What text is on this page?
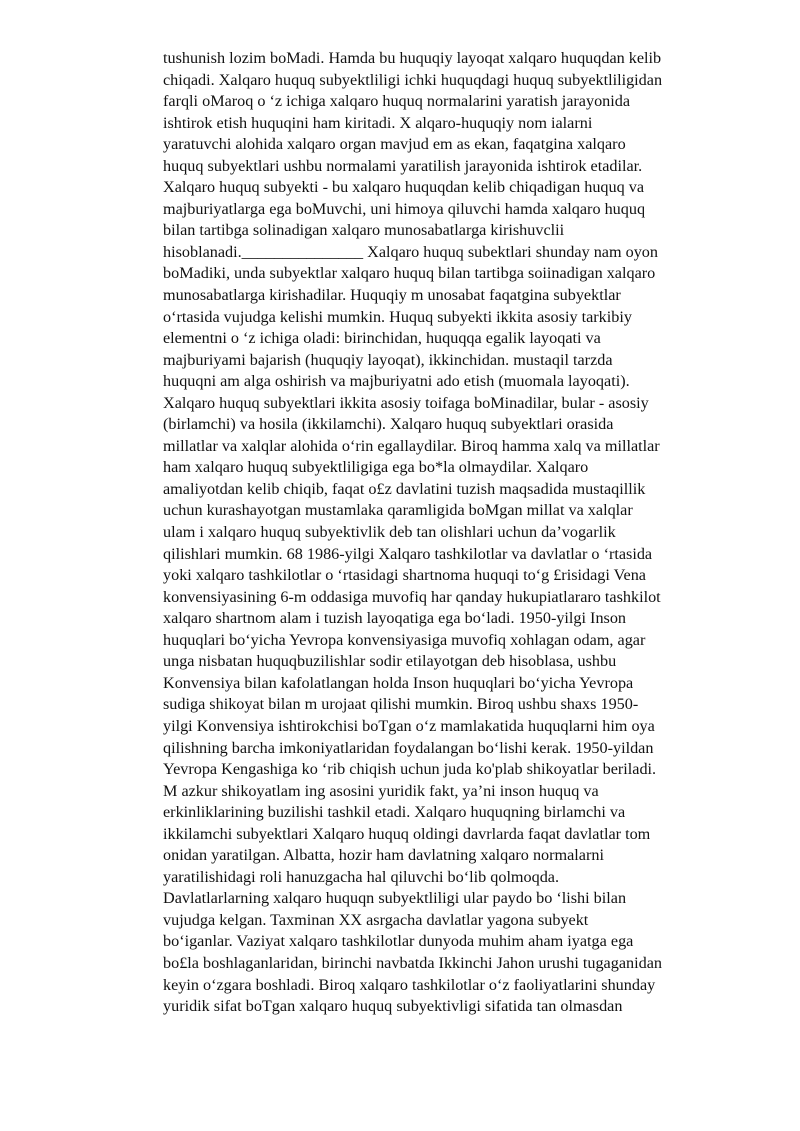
tushunish lozim boMadi. Hamda bu huquqiy layoqat xalqaro huquqdan kelib
chiqadi. Xalqaro huquq subyektliligi ichki huquqdagi huquq subyektliligidan
farqli oMaroq o ‘z ichiga xalqaro huquq normalarini yaratish jarayonida
ishtirok etish huquqini ham kiritadi. X alqaro-huquqiy nom ialarni
yaratuvchi alohida xalqaro organ mavjud em as ekan, faqatgina xalqaro
huquq subyektlari ushbu normalami yaratilish jarayonida ishtirok etadilar.
Xalqaro huquq subyekti - bu xalqaro huquqdan kelib chiqadigan huquq va
majburiyatlarga ega boMuvchi, uni himoya qiluvchi hamda xalqaro huquq
bilan tartibga solinadigan xalqaro munosabatlarga kirishuvclii
hisoblanadi._______________ Xalqaro huquq subektlari shunday nam oyon
boMadiki, unda subyektlar xalqaro huquq bilan tartibga soiinadigan xalqaro
munosabatlarga kirishadilar. Huquqiy m unosabat faqatgina subyektlar
o‘rtasida vujudga kelishi mumkin. Huquq subyekti ikkita asosiy tarkibiy
elementni o ‘z ichiga oladi: birinchidan, huquqqa egalik layoqati va
majburiyami bajarish (huquqiy layoqat), ikkinchidan. mustaqil tarzda
huquqni am alga oshirish va majburiyatni ado etish (muomala layoqati).
Xalqaro huquq subyektlari ikkita asosiy toifaga boMinadilar, bular - asosiy
(birlamchi) va hosila (ikkilamchi). Xalqaro huquq subyektlari orasida
millatlar va xalqlar alohida o‘rin egallaydilar. Biroq hamma xalq va millatlar
ham xalqaro huquq subyektliligiga ega bo*la olmaydilar. Xalqaro
amaliyotdan kelib chiqib, faqat o£z davlatini tuzish maqsadida mustaqillik
uchun kurashayotgan mustamlaka qaramligida boMgan millat va xalqlar
ulam i xalqaro huquq subyektivlik deb tan olishlari uchun da’vogarlik
qilishlari mumkin. 68 1986-yilgi Xalqaro tashkilotlar va davlatlar o ‘rtasida
yoki xalqaro tashkilotlar o ‘rtasidagi shartnoma huquqi to‘g £risidagi Vena
konvensiyasining 6-m oddasiga muvofiq har qanday hukupiatlararo tashkilot
xalqaro shartnom alam i tuzish layoqatiga ega bo‘ladi. 1950-yilgi Inson
huquqlari bo‘yicha Yevropa konvensiyasiga muvofiq xohlagan odam, agar
unga nisbatan huquqbuzilishlar sodir etilayotgan deb hisoblasa, ushbu
Konvensiya bilan kafolatlangan holda Inson huquqlari bo‘yicha Yevropa
sudiga shikoyat bilan m urojaat qilishi mumkin. Biroq ushbu shaxs 1950-
yilgi Konvensiya ishtirokchisi boTgan o‘z mamlakatida huquqlarni him oya
qilishning barcha imkoniyatlaridan foydalangan bo‘lishi kerak. 1950-yildan
Yevropa Kengashiga ko ‘rib chiqish uchun juda ko'plab shikoyatlar beriladi.
M azkur shikoyatlam ing asosini yuridik fakt, ya’ni inson huquq va
erkinliklarining buzilishi tashkil etadi. Xalqaro huquqning birlamchi va
ikkilamchi subyektlari Xalqaro huquq oldingi davrlarda faqat davlatlar tom
onidan yaratilgan. Albatta, hozir ham davlatning xalqaro normalarni
yaratilishidagi roli hanuzgacha hal qiluvchi bo‘lib qolmoqda.
Davlatlarlarning xalqaro huquqn subyektliligi ular paydo bo ‘lishi bilan
vujudga kelgan. Taxminan XX asrgacha davlatlar yagona subyekt
bo‘iganlar. Vaziyat xalqaro tashkilotlar dunyoda muhim aham iyatga ega
bo£la boshlaganlaridan, birinchi navbatda Ikkinchi Jahon urushi tugaganidan
keyin o‘zgara boshladi. Biroq xalqaro tashkilotlar o‘z faoliyatlarini shunday
yuridik sifat boTgan xalqaro huquq subyektivligi sifatida tan olmasdan
